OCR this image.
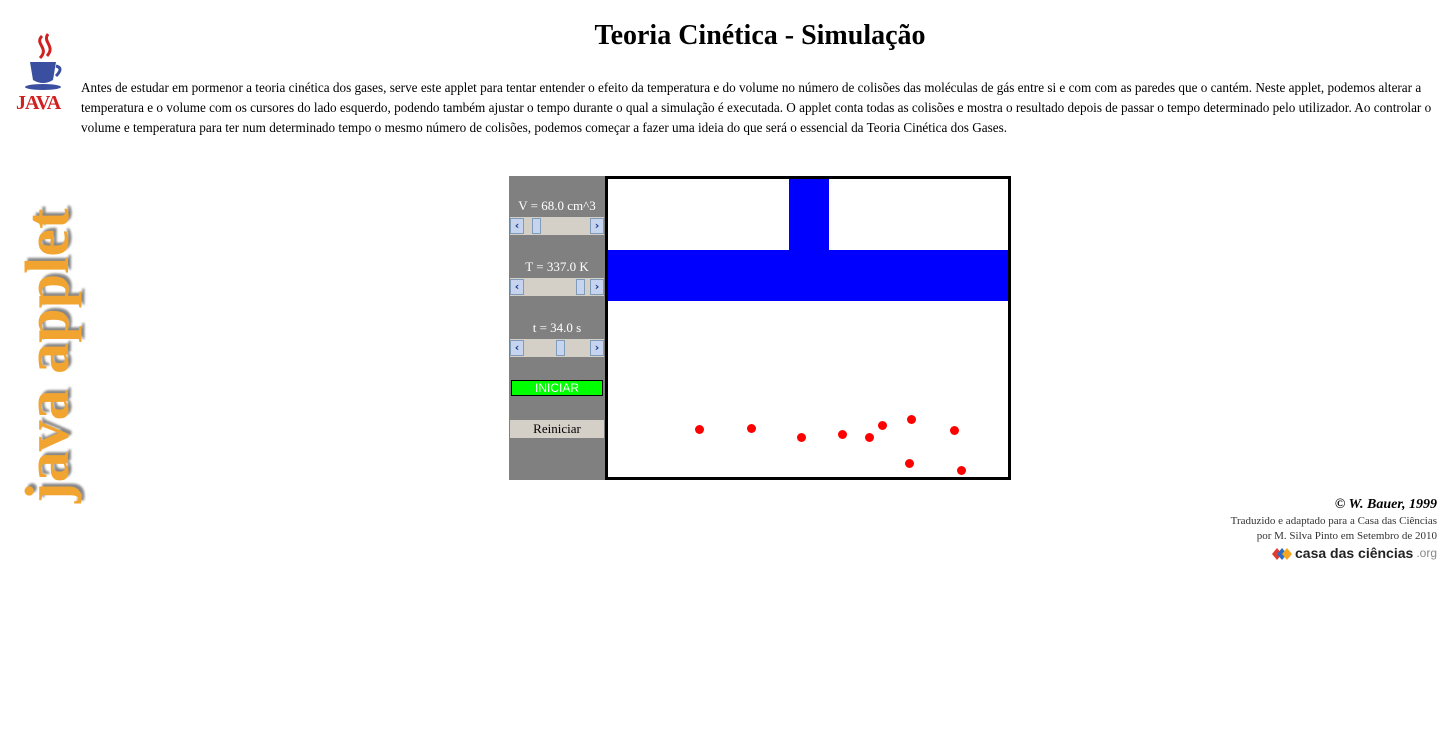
JAVA
java applet
Teoria Cinética - Simulação

Antes de estudar em pormenor a teoria cinética dos gases, serve este applet para tentar entender o efeito da temperatura e do volume no número de colisões das moléculas de gás entre si e com com as paredes que o cantém. Neste applet, podemos alterar a temperatura e o volume com os cursores do lado esquerdo, podendo também ajustar o tempo durante o qual a simulação é executada. O applet conta todas as colisões e mostra o resultado depois de passar o tempo determinado pelo utilizador. Ao controlar o volume e temperatura para ter num determinado tempo o mesmo número de colisões, podemos começar a fazer uma ideia do que será o essencial da Teoria Cinética dos Gases.

V = 68.0 cm^3
‹	›
T = 337.0 K
‹	›
t = 34.0 s
‹	›
INICIAR
Reiniciar
© W. Bauer, 1999
Traduzido e adaptado para a Casa das Ciências
por M. Silva Pinto em Setembro de 2010
casa das ciências .org
